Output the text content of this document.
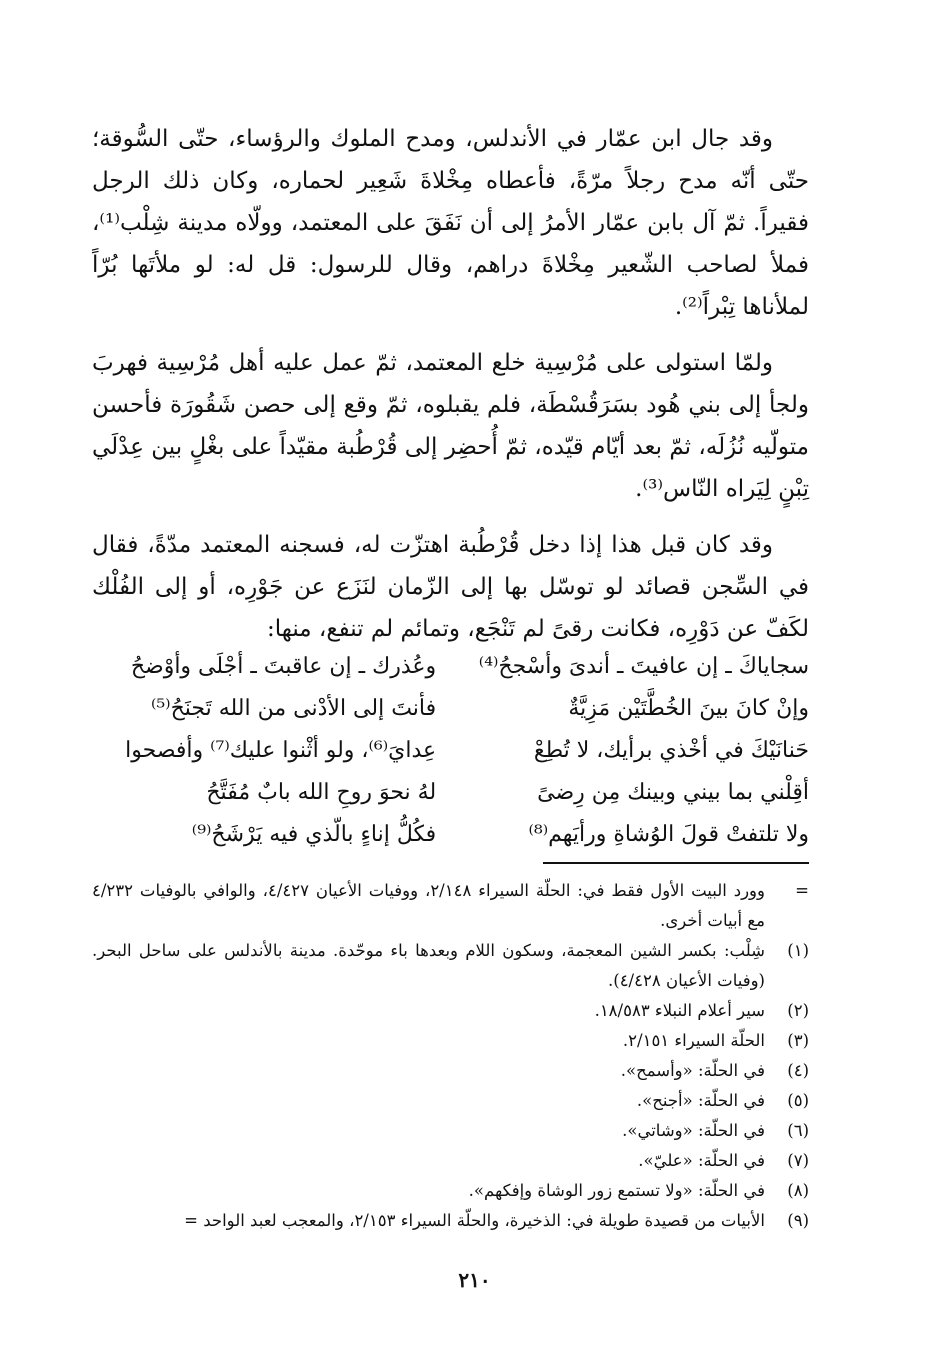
وقد جال ابن عمّار في الأندلس، ومدح الملوك والرؤساء، حتّى السُّوقة؛ حتّى أنّه مدح رجلاً مرّةً، فأعطاه مِخْلاةَ شَعِير لحماره، وكان ذلك الرجل فقيراً. ثمّ آل بابن عمّار الأمرُ إلى أن نَفَقَ على المعتمد، وولّاه مدينة شِلْب⁽¹⁾، فملأ لصاحب الشّعير مِخْلاةَ دراهم، وقال للرسول: قل له: لو ملأتَها بُرّاً لملأناها تِبْراً⁽²⁾.

ولمّا استولى على مُرْسِية خلع المعتمد، ثمّ عمل عليه أهل مُرْسِية فهربَ ولجأ إلى بني هُود بسَرَقُسْطَة، فلم يقبلوه، ثمّ وقع إلى حصن شَقُورَة فأحسن متولّيه نُزُلَه، ثمّ بعد أيّام قيّده، ثمّ أُحضِر إلى قُرْطُبة مقيّداً على بغْلٍ بين عِدْلَي تِبْنٍ لِيَراه النّاس⁽³⁾.

وقد كان قبل هذا إذا دخل قُرْطُبة اهتزّت له، فسجنه المعتمد مدّةً، فقال في السِّجن قصائد لو توسّل بها إلى الزّمان لنَزَع عن جَوْرِه، أو إلى الفُلْك لكَفّ عن دَوْرِه، فكانت رقىً لم تَنْجَع، وتمائم لم تنفع، منها:

سجاياكَ ـ إن عافيتَ ـ أندىَ وأسْجحُ⁽⁴⁾
وعُذرك ـ إن عاقبتَ ـ أجْلَى وأوْضحُ
وإنْ كانَ بينَ الخُطَّتَيْن مَزِيَّةٌ
فأنتَ إلى الأدْنى من الله تَجنَحُ⁽⁵⁾
حَنانَيْكَ في أخْذي برأيك، لا تُطِعْ
عِدايَ⁽⁶⁾، ولو أثْنوا عليك⁽⁷⁾ وأفصحوا
أقِلْني بما بيني وبينك مِن رِضىً
لهُ نحوَ روحِ الله بابٌ مُفَتَّحُ
ولا تلتفتْ قولَ الوُشاةِ ورأيَهم⁽⁸⁾
فكُلُّ إناءٍ بالّذي فيه يَرْشَحُ⁽⁹⁾
=
وورد البيت الأول فقط في: الحلّة السيراء ٢/١٤٨، ووفيات الأعيان ٤/٤٢٧، والوافي بالوفيات ٤/٢٣٢ مع أبيات أخرى.
(١)
شِلْب: بكسر الشين المعجمة، وسكون اللام وبعدها باء موحّدة. مدينة بالأندلس على ساحل البحر. (وفيات الأعيان ٤/٤٢٨).
(٢)
سير أعلام النبلاء ١٨/٥٨٣.
(٣)
الحلّة السيراء ٢/١٥١.
(٤)
في الحلّة: «وأسمح».
(٥)
في الحلّة: «أجنح».
(٦)
في الحلّة: «وشاتي».
(٧)
في الحلّة: «عليّ».
(٨)
في الحلّة: «ولا تستمع زور الوشاة وإفكهم».
(٩)
الأبيات من قصيدة طويلة في: الذخيرة، والحلّة السيراء ٢/١٥٣، والمعجب لعبد الواحد =
٢١٠
